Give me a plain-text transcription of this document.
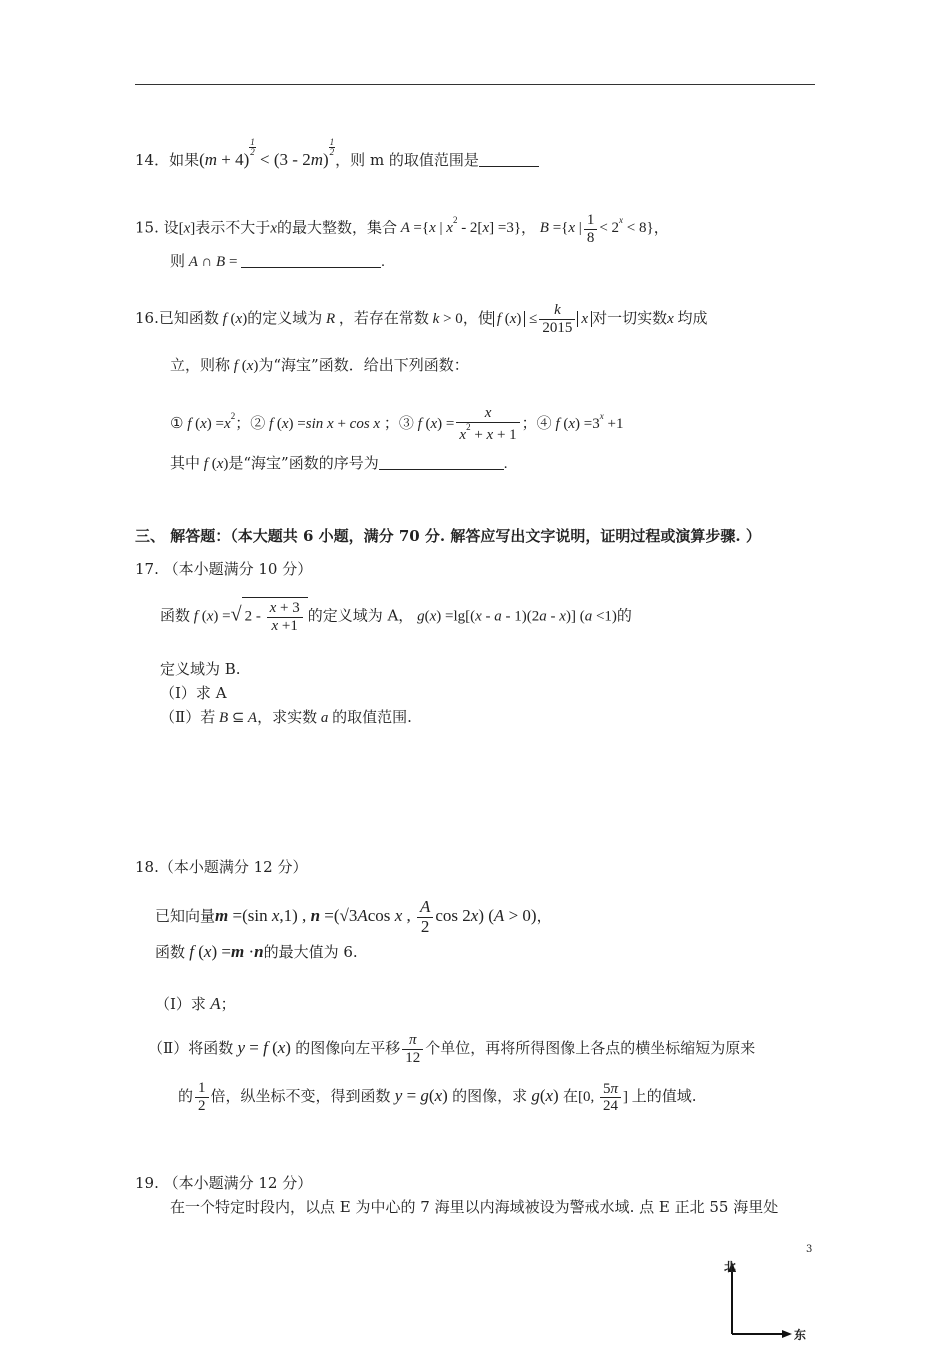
14．如果(m + 4)
$\frac{1}{2}$
< (3 - 2m)
$\frac{1}{2}$
，则 m 的取值范围是
15. 设[x]表示不大于x的最大整数，集合 A ={x | $x^2 - 2[x] =3$}， B ={x | $\frac{1}{8} < 2^x < 8$}，
则 A ∩ B =	.
16.已知函数 f (x)的定义域为 R ，若存在常数 k > 0，使 f $(x) \le \frac{k}{2015}$ x 对一切实数x 均成
立，则称 f (x)为“海宝”函数．给出下列函数：
① f $(x) =x^2$；② f (x) =sin x + cos x ；③ f $(x) = \frac{x}{x^2 + x + 1}$ ；④ f $(x) =3^x +1$
其中 f (x)是“海宝”函数的序号为	.
三、 解答题：（本大题共 6 小题，满分 70 分. 解答应写出文字说明，证明过程或演算步骤. ）
17. （本小题满分 10 分）
函数 f (x) =√ $2 - \frac{x + 3}{x +1}$ 的定义域为 A， g(x) =lg[(x - a - 1)(2a - x)] (a <1)的
定义域为 B.
（Ⅰ）求 A
（Ⅱ）若 B ⊆ A，求实数 a 的取值范围.
18.（本小题满分 12 分）
已知向量m =(sin x,1) , n =(√3Acos x , $\frac{A}{2}$ cos 2x) (A > 0)，
函数 f (x) =m ·n的最大值为 6.
（Ⅰ）求 A；
（Ⅱ）将函数 y = f (x) 的图像向左平移 $\frac{\pi}{12}$ 个单位，再将所得图像上各点的横坐标缩短为原来
的 $\frac{1}{2}$ 倍，纵坐标不变，得到函数 y = g(x) 的图像，求 g(x) 在[0, $\frac{5\pi}{24}$ ] 上的值域.
19. （本小题满分 12 分）
在一个特定时段内，以点 E 为中心的 7 海里以内海域被设为警戒水域. 点 E 正北 55 海里处
3
北
东
